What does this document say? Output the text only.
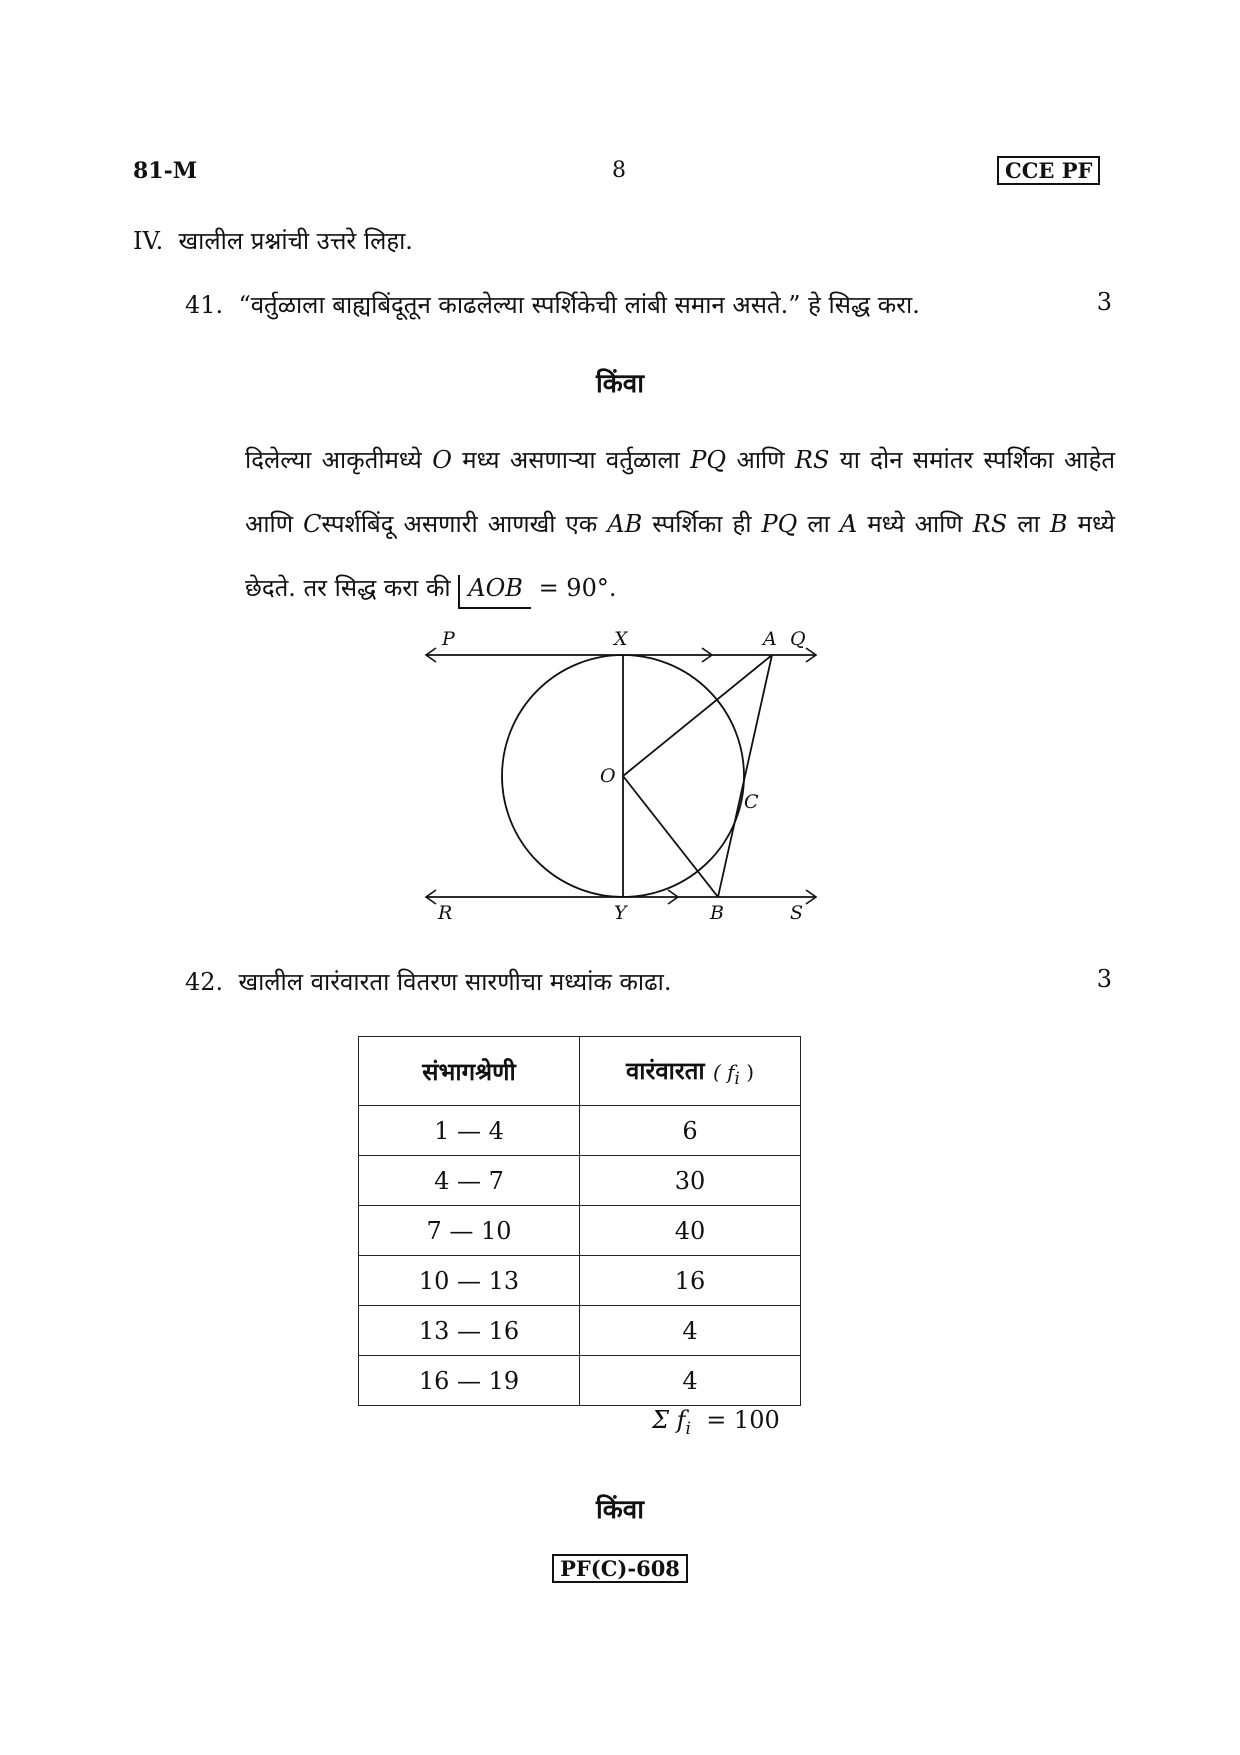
81-M	8	CCE PF
IV. खालील प्रश्नांची उत्तरे लिहा.
41. “वर्तुळाला बाह्यबिंदूतून काढलेल्या स्पर्शिकेची लांबी समान असते.” हे सिद्ध करा.	3
किंवा
दिलेल्या आकृतीमध्ये O मध्य असणाऱ्या वर्तुळाला PQ आणि RS या दोन समांतर स्पर्शिका आहेत आणि Cस्पर्शबिंदू असणारी आणखी एक AB स्पर्शिका ही PQ ला A मध्ये आणि RS ला B मध्ये छेदते. तर सिद्ध करा की AOB = 90°.
P	X	A Q
O
C
R	Y	B	S
42. खालील वारंवारता वितरण सारणीचा मध्यांक काढा.	3
संभागश्रेणी	वारंवारता ( $f_i$ )
1 — 4	6
4 — 7	30
7 — 10	40
10 — 13	16
13 — 16	4
16 — 19	4
Σ $f_i = 100$
किंवा
PF(C)-608
